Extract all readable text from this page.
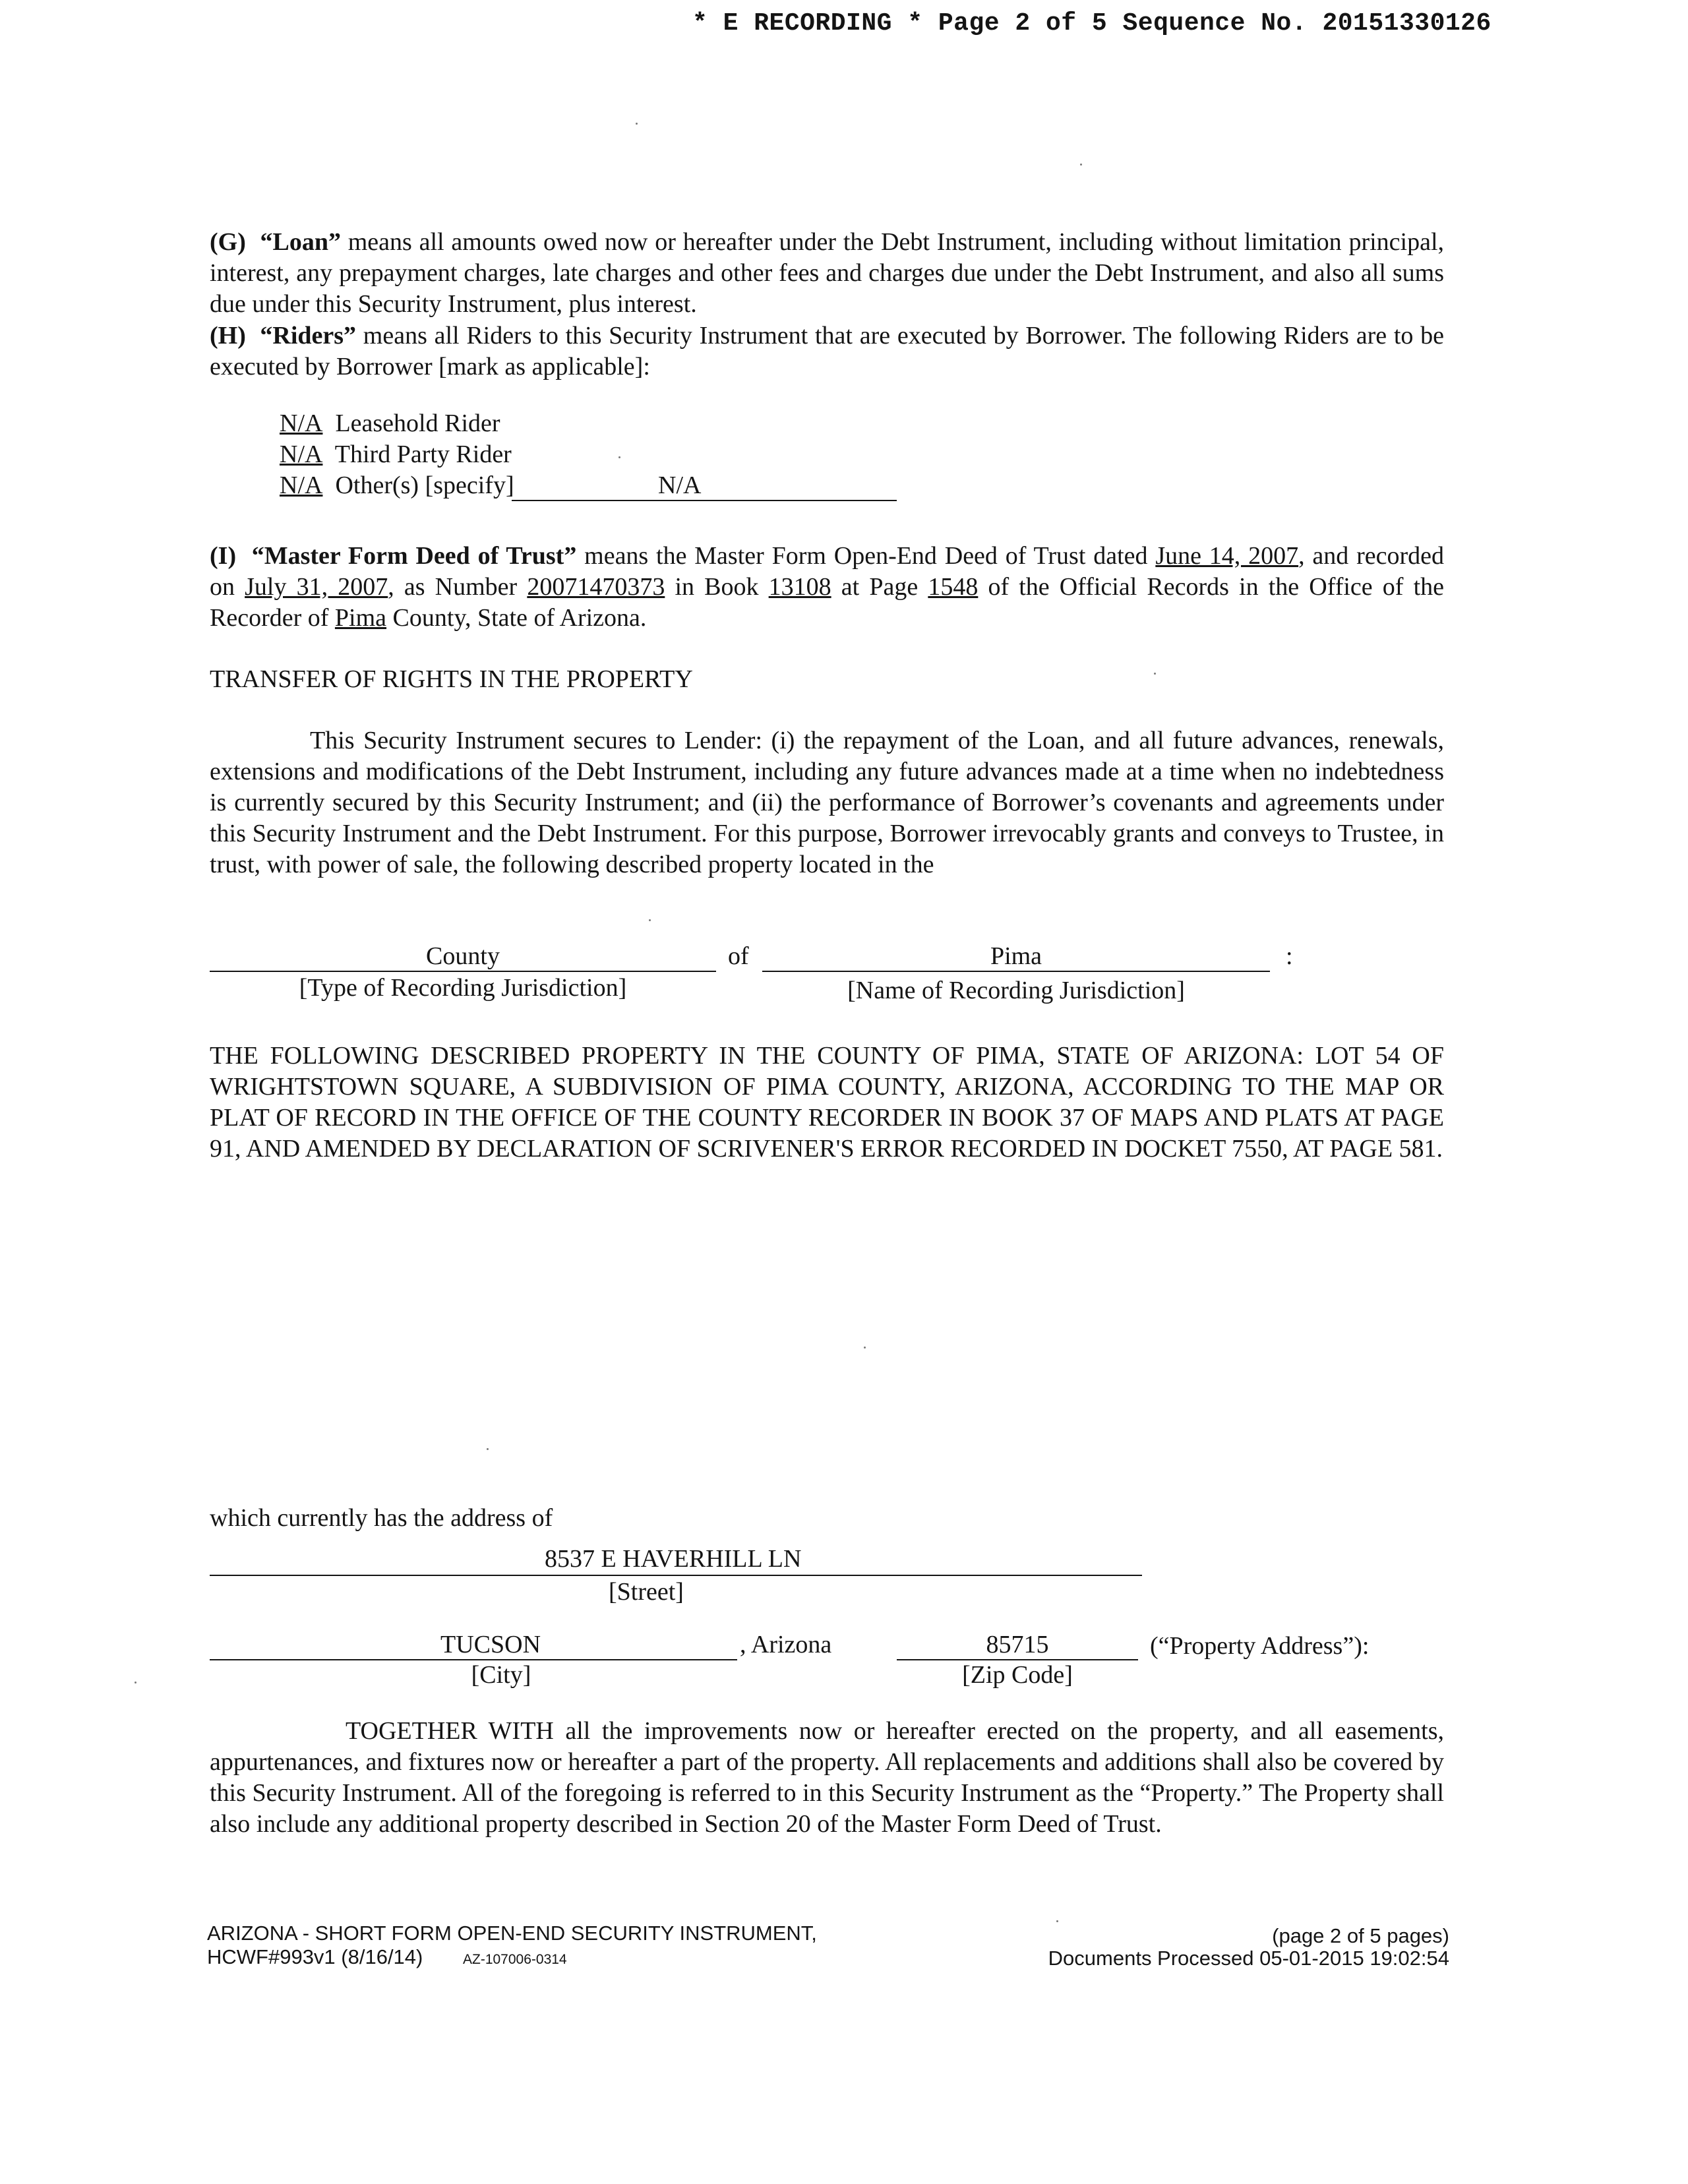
* E RECORDING * Page 2 of 5 Sequence No. 20151330126
(G) “Loan” means all amounts owed now or hereafter under the Debt Instrument, including without limitation principal, interest, any prepayment charges, late charges and other fees and charges due under the Debt Instrument, and also all sums due under this Security Instrument, plus interest.
(H) “Riders” means all Riders to this Security Instrument that are executed by Borrower. The following Riders are to be executed by Borrower [mark as applicable]:
N/A Leasehold Rider
N/A Third Party Rider
N/A Other(s) [specify]	N/A
(I) “Master Form Deed of Trust” means the Master Form Open-End Deed of Trust dated June 14, 2007, and recorded on July 31, 2007, as Number 20071470373 in Book 13108 at Page 1548 of the Official Records in the Office of the Recorder of Pima County, State of Arizona.
TRANSFER OF RIGHTS IN THE PROPERTY
This Security Instrument secures to Lender: (i) the repayment of the Loan, and all future advances, renewals, extensions and modifications of the Debt Instrument, including any future advances made at a time when no indebtedness is currently secured by this Security Instrument; and (ii) the performance of Borrower’s covenants and agreements under this Security Instrument and the Debt Instrument. For this purpose, Borrower irrevocably grants and conveys to Trustee, in trust, with power of sale, the following described property located in the
County	of	Pima	:
[Type of Recording Jurisdiction]	[Name of Recording Jurisdiction]
THE FOLLOWING DESCRIBED PROPERTY IN THE COUNTY OF PIMA, STATE OF ARIZONA: LOT 54 OF WRIGHTSTOWN SQUARE, A SUBDIVISION OF PIMA COUNTY, ARIZONA, ACCORDING TO THE MAP OR PLAT OF RECORD IN THE OFFICE OF THE COUNTY RECORDER IN BOOK 37 OF MAPS AND PLATS AT PAGE 91, AND AMENDED BY DECLARATION OF SCRIVENER'S ERROR RECORDED IN DOCKET 7550, AT PAGE 581.
which currently has the address of
8537 E HAVERHILL LN
[Street]
TUCSON
[City]
, Arizona	85715
[Zip Code]
(“Property Address”):
TOGETHER WITH all the improvements now or hereafter erected on the property, and all easements, appurtenances, and fixtures now or hereafter a part of the property. All replacements and additions shall also be covered by this Security Instrument. All of the foregoing is referred to in this Security Instrument as the “Property.” The Property shall also include any additional property described in Section 20 of the Master Form Deed of Trust.
ARIZONA - SHORT FORM OPEN-END SECURITY INSTRUMENT,
HCWF#993v1 (8/16/14)	AZ-107006-0314
(page 2 of 5 pages)
Documents Processed 05-01-2015 19:02:54
